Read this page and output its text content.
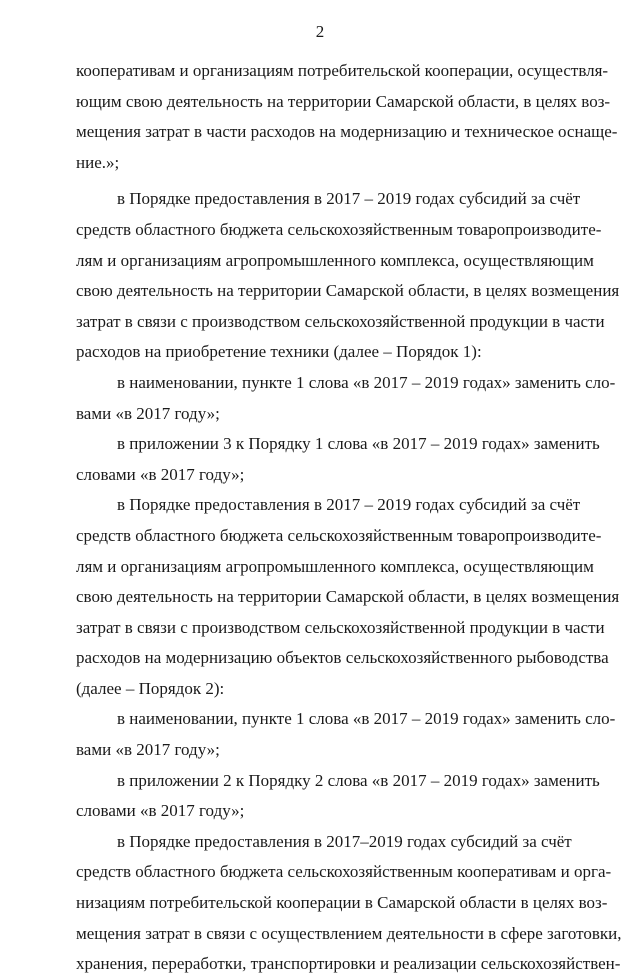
2
кооперативам и организациям потребительской кооперации, осуществля-
ющим свою деятельность на территории Самарской области, в целях воз-
мещения затрат в части расходов на модернизацию и техническое оснаще-
ние.»;
в Порядке предоставления в 2017 – 2019 годах субсидий за счёт
средств областного бюджета сельскохозяйственным товаропроизводите-
лям и организациям агропромышленного комплекса, осуществляющим
свою деятельность на территории Самарской области, в целях возмещения
затрат в связи с производством сельскохозяйственной продукции в части
расходов на приобретение техники (далее – Порядок 1):
в наименовании, пункте 1 слова «в 2017 – 2019 годах» заменить сло-
вами «в 2017 году»;
в приложении 3 к Порядку 1 слова «в 2017 – 2019 годах» заменить
словами «в 2017 году»;
в Порядке предоставления в 2017 – 2019 годах субсидий за счёт
средств областного бюджета сельскохозяйственным товаропроизводите-
лям и организациям агропромышленного комплекса, осуществляющим
свою деятельность на территории Самарской области, в целях возмещения
затрат в связи с производством сельскохозяйственной продукции в части
расходов на модернизацию объектов сельскохозяйственного рыбоводства
(далее – Порядок 2):
в наименовании, пункте 1 слова «в 2017 – 2019 годах» заменить сло-
вами «в 2017 году»;
в приложении 2 к Порядку 2 слова «в 2017 – 2019 годах» заменить
словами «в 2017 году»;
в Порядке предоставления в 2017–2019 годах субсидий за счёт
средств областного бюджета сельскохозяйственным кооперативам и орга-
низациям потребительской кооперации в Самарской области в целях воз-
мещения затрат в связи с осуществлением деятельности в сфере заготовки,
хранения, переработки, транспортировки и реализации сельскохозяйствен-
